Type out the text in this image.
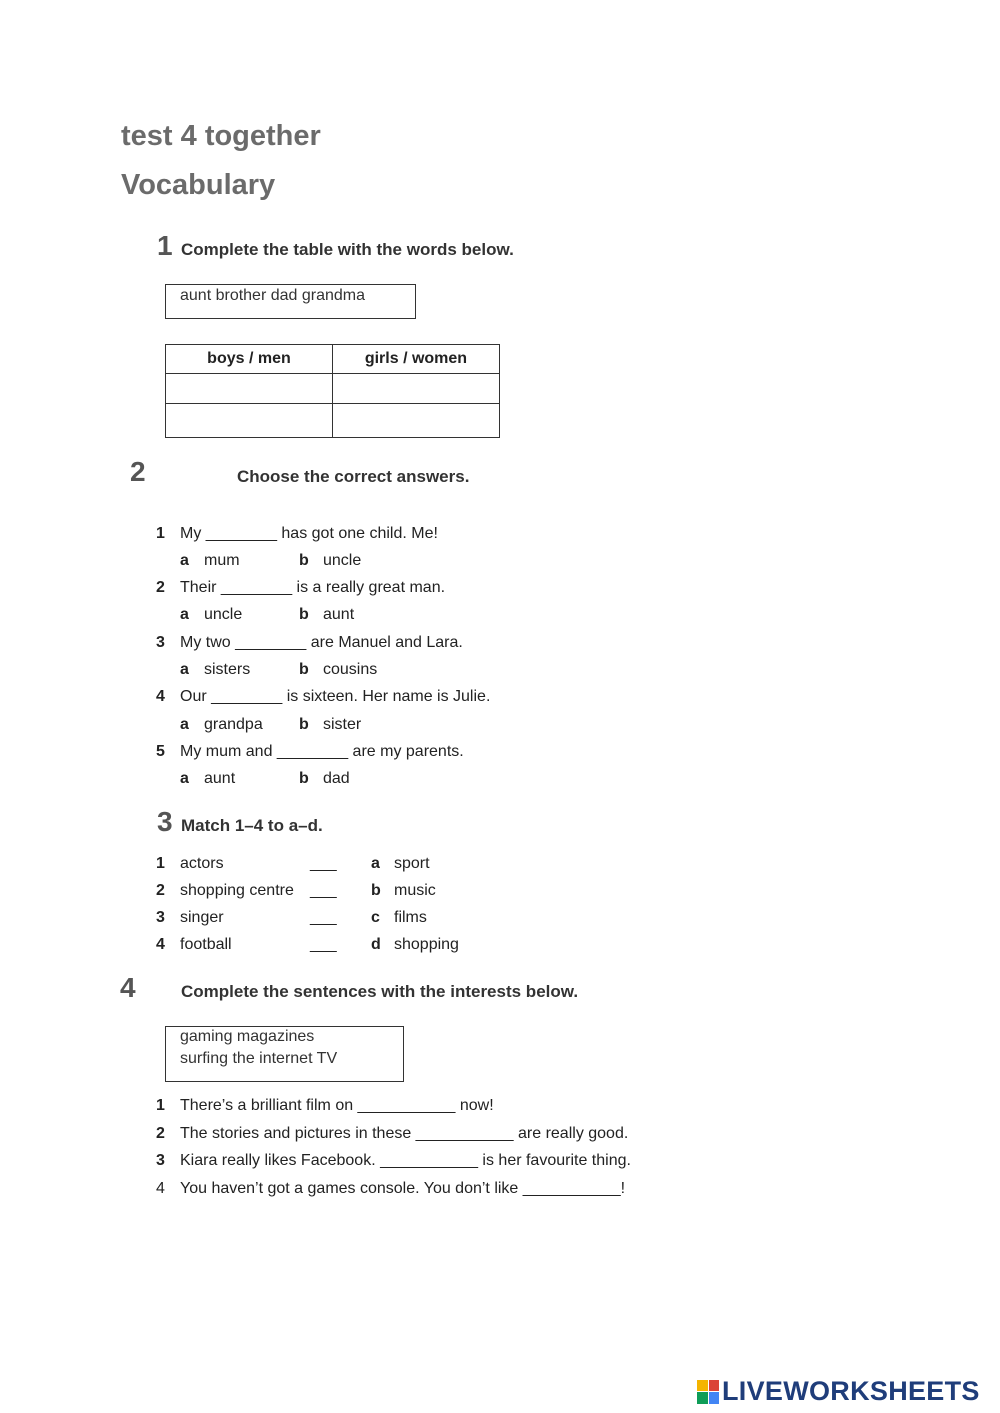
test 4 together
Vocabulary
1 Complete the table with the words below.
aunt brother dad grandma
boys / men	girls / women

2	Choose the correct answers.
1 My ________ has got one child. Me!
a mum	b uncle
2 Their ________ is a really great man.
a uncle	b aunt
3 My two ________ are Manuel and Lara.
a sisters	b cousins
4 Our ________ is sixteen. Her name is Julie.
a grandpa b sister
5 My mum and ________ are my parents.
a aunt	b dad
3 Match 1–4 to a–d.
1 actors	___ a sport
2 shopping centre ___ b music
3 singer	___ c films
4 football	___ d shopping
4	Complete the sentences with the interests below.
gaming magazines
surfing the internet TV
1 There’s a brilliant film on ___________ now!
2 The stories and pictures in these ___________ are really good.
3 Kiara really likes Facebook. ___________ is her favourite thing.
4 You haven’t got a games console. You don’t like ___________!
LIVEWORKSHEETS
